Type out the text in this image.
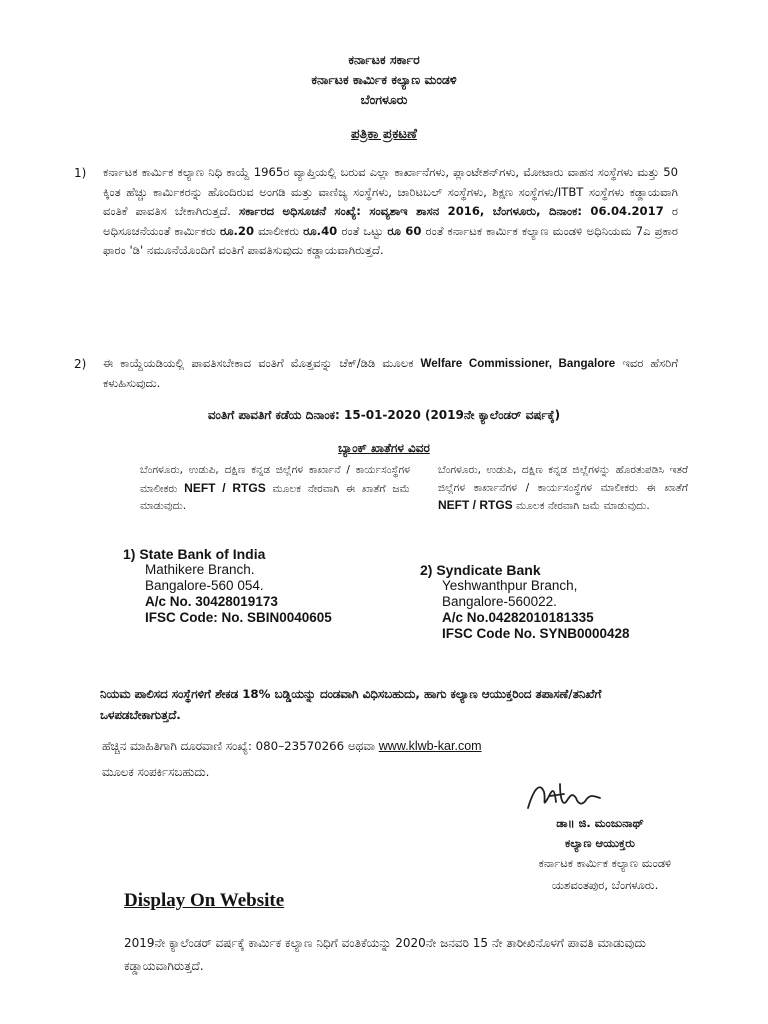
ಕರ್ನಾಟಕ ಸರ್ಕಾರ
ಕರ್ನಾಟಕ ಕಾರ್ಮಿಕ ಕಲ್ಯಾಣ ಮಂಡಳಿ
ಬೆಂಗಳೂರು
ಪತ್ರಿಕಾ ಪ್ರಕಟಣೆ
1) ಕರ್ನಾಟಕ ಕಾರ್ಮಿಕ ಕಲ್ಯಾಣ ನಿಧಿ ಕಾಯ್ದೆ 1965ರ ವ್ಯಾಪ್ತಿಯಲ್ಲಿ ಬರುವ ಎಲ್ಲಾ ಕಾರ್ಖಾನೆಗಳು, ಪ್ಲಾಂಟೇಶನ್‌ಗಳು, ಮೋಟಾರು ವಾಹನ ಸಂಸ್ಥೆಗಳು ಮತ್ತು 50 ಕ್ಕಿಂತ ಹೆಚ್ಚು ಕಾರ್ಮಿಕರನ್ನು ಹೊಂದಿರುವ ಅಂಗಡಿ ಮತ್ತು ವಾಣಿಜ್ಯ ಸಂಸ್ಥೆಗಳು, ಚಾರಿಟಬಲ್ ಸಂಸ್ಥೆಗಳು, ಶಿಕ್ಷಣ ಸಂಸ್ಥೆಗಳು/ITBT ಸಂಸ್ಥೆಗಳು ಕಡ್ಡಾಯವಾಗಿ ವಂತಿಕೆ ಪಾವತಿಸ ಬೇಕಾಗಿರುತ್ತದೆ. ಸರ್ಕಾರದ ಅಧಿಸೂಚನೆ ಸಂಖ್ಯೆ: ಸಂವ್ಯಶಾಇ ಶಾಸನ 2016, ಬೆಂಗಳೂರು, ದಿನಾಂಕ: 06.04.2017 ರ ಅಧಿಸೂಚನೆಯಂತೆ ಕಾರ್ಮಿಕರು ರೂ.20 ಮಾಲೀಕರು ರೂ.40 ರಂತೆ ಒಟ್ಟು ರೂ 60 ರಂತೆ ಕರ್ನಾಟಕ ಕಾರ್ಮಿಕ ಕಲ್ಯಾಣ ಮಂಡಳಿ ಅಧಿನಿಯಮ 7ಎ ಪ್ರಕಾರ ಫಾರಂ 'ಡಿ' ನಮೂನೆಯೊಂದಿಗೆ ವಂತಿಗೆ ಪಾವತಿಸುವುದು ಕಡ್ಡಾಯವಾಗಿರುತ್ತದೆ.
2) ಈ ಕಾಯ್ದೆಯಡಿಯಲ್ಲಿ ಪಾವತಿಸಬೇಕಾದ ವಂತಿಗೆ ಮೊತ್ತವನ್ನು ಚೆಕ್/ಡಿಡಿ ಮೂಲಕ Welfare Commissioner, Bangalore ಇವರ ಹೆಸರಿಗೆ ಕಳುಹಿಸುವುದು.
ವಂತಿಗೆ ಪಾವತಿಗೆ ಕಡೆಯ ದಿನಾಂಕ: 15-01-2020 (2019ನೇ ಕ್ಯಾಲೆಂಡರ್ ವರ್ಷಕ್ಕೆ)
ಬ್ಯಾಂಕ್ ಖಾತೆಗಳ ವಿವರ
ಬೆಂಗಳೂರು, ಉಡುಪಿ, ದಕ್ಷಿಣ ಕನ್ನಡ ಜಿಲ್ಲೆಗಳ ಕಾರ್ಖಾನೆ / ಕಾರ್ಯಸಂಸ್ಥೆಗಳ ಮಾಲೀಕರು NEFT / RTGS ಮೂಲಕ ನೇರವಾಗಿ ಈ ಖಾತೆಗೆ ಜಮೆ ಮಾಡುವುದು.
ಬೆಂಗಳೂರು, ಉಡುಪಿ, ದಕ್ಷಿಣ ಕನ್ನಡ ಜಿಲ್ಲೆಗಳನ್ನು ಹೊರತುಪಡಿಸಿ ಇತರೆ ಜಿಲ್ಲೆಗಳ ಕಾರ್ಖಾನೆಗಳ / ಕಾರ್ಯಸಂಸ್ಥೆಗಳ ಮಾಲೀಕರು ಈ ಖಾತೆಗೆ NEFT / RTGS ಮೂಲಕ ನೇರವಾಗಿ ಜಮೆ ಮಾಡುವುದು.
1) State Bank of India
Mathikere Branch.
Bangalore-560 054.
A/c No. 30428019173
IFSC Code: No. SBIN0040605
2) Syndicate Bank
Yeshwanthpur Branch,
Bangalore-560022.
A/c No.04282010181335
IFSC Code No. SYNB0000428
ನಿಯಮ ಪಾಲಿಸದ ಸಂಸ್ಥೆಗಳಿಗೆ ಶೇಕಡ 18% ಬಡ್ಡಿಯನ್ನು ದಂಡವಾಗಿ ವಿಧಿಸಬಹುದು, ಹಾಗು ಕಲ್ಯಾಣ ಆಯುಕ್ತರಿಂದ ತಪಾಸಣೆ/ತನಿಖೆಗೆ ಒಳಪಡಬೇಕಾಗುತ್ತದೆ.
ಹೆಚ್ಚಿನ ಮಾಹಿತಿಗಾಗಿ ದೂರವಾಣಿ ಸಂಖ್ಯೆ: 080–23570266 ಅಥವಾ www.klwb-kar.com
ಮೂಲಕ ಸಂಪರ್ಕಿಸಬಹುದು.
ಡಾ॥ ಜಿ. ಮಂಜುನಾಥ್
ಕಲ್ಯಾಣ ಆಯುಕ್ತರು
ಕರ್ನಾಟಕ ಕಾರ್ಮಿಕ ಕಲ್ಯಾಣ ಮಂಡಳಿ
ಯಶವಂತಪುರ, ಬೆಂಗಳೂರು.
Display On Website
2019ನೇ ಕ್ಯಾಲೆಂಡರ್ ವರ್ಷಕ್ಕೆ ಕಾರ್ಮಿಕ ಕಲ್ಯಾಣ ನಿಧಿಗೆ ವಂತಿಕೆಯನ್ನು 2020ನೇ ಜನವರಿ 15 ನೇ ತಾರೀಖಿನೊಳಗೆ ಪಾವತಿ ಮಾಡುವುದು ಕಡ್ಡಾಯವಾಗಿರುತ್ತದೆ.
